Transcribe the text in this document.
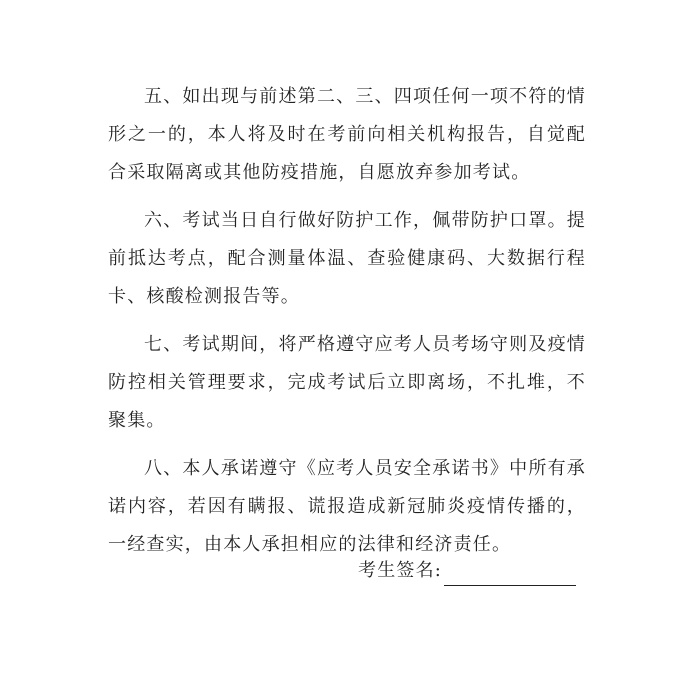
五、如出现与前述第二、三、四项任何一项不符的情形之一的，本人将及时在考前向相关机构报告，自觉配合采取隔离或其他防疫措施，自愿放弃参加考试。

六、考试当日自行做好防护工作，佩带防护口罩。提前抵达考点，配合测量体温、查验健康码、大数据行程卡、核酸检测报告等。

七、考试期间，将严格遵守应考人员考场守则及疫情防控相关管理要求，完成考试后立即离场，不扎堆，不聚集。

八、本人承诺遵守《应考人员安全承诺书》中所有承诺内容，若因有瞒报、谎报造成新冠肺炎疫情传播的，一经查实，由本人承担相应的法律和经济责任。

考生签名:
